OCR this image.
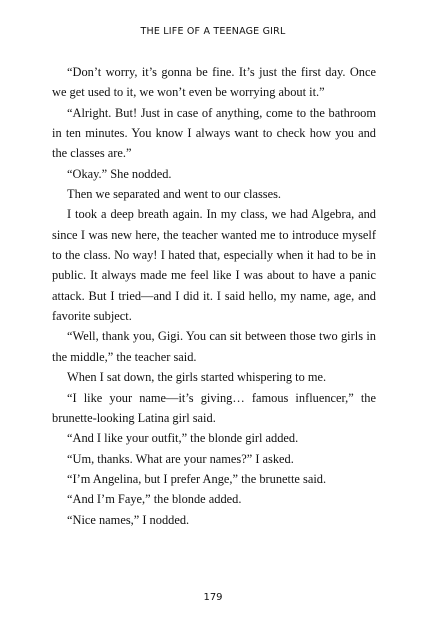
THE LIFE OF A TEENAGE GIRL

“Don’t worry, it’s gonna be fine. It’s just the first day. Once we get used to it, we won’t even be worrying about it.”

“Alright. But! Just in case of anything, come to the bathroom in ten minutes. You know I always want to check how you and the classes are.”

“Okay.” She nodded.

Then we separated and went to our classes.

I took a deep breath again. In my class, we had Algebra, and since I was new here, the teacher wanted me to introduce myself to the class. No way! I hated that, especially when it had to be in public. It always made me feel like I was about to have a panic attack. But I tried—and I did it. I said hello, my name, age, and favorite subject.

“Well, thank you, Gigi. You can sit between those two girls in the middle,” the teacher said.

When I sat down, the girls started whispering to me.

“I like your name—it’s giving… famous influencer,” the brunette-looking Latina girl said.

“And I like your outfit,” the blonde girl added.

“Um, thanks. What are your names?” I asked.

“I’m Angelina, but I prefer Ange,” the brunette said.

“And I’m Faye,” the blonde added.

“Nice names,” I nodded.

179
